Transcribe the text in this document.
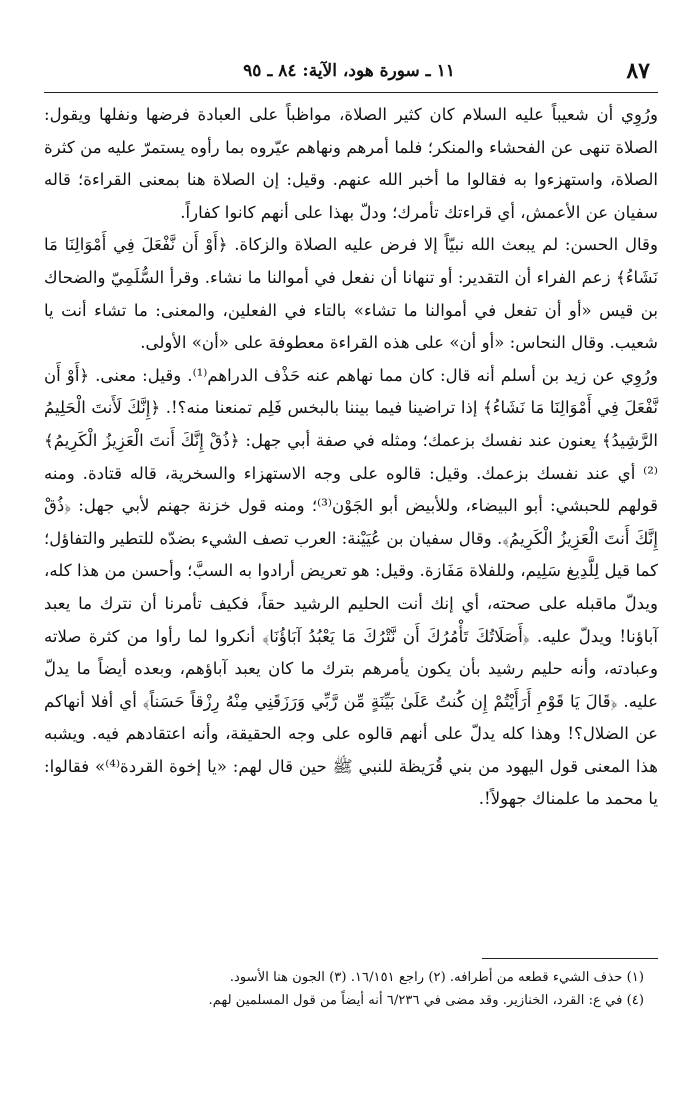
٨٧
١١ ـ سورة هود، الآية: ٨٤ ـ ٩٥

ورُوِي أن شعيباً عليه السلام كان كثير الصلاة، مواظباً على العبادة فرضها ونفلها ويقول: الصلاة تنهى عن الفحشاء والمنكر؛ فلما أمرهم ونهاهم عيّروه بما رأوه يستمرّ عليه من كثرة الصلاة، واستهزءوا به فقالوا ما أخبر الله عنهم. وقيل: إن الصلاة هنا بمعنى القراءة؛ قاله سفيان عن الأعمش، أي قراءتك تأمرك؛ ودلّ بهذا على أنهم كانوا كفاراً.

وقال الحسن: لم يبعث الله نبيّاً إلا فرض عليه الصلاة والزكاة. ﴿أَوْ أَن نَّفْعَلَ فِي أَمْوَالِنَا مَا نَشَاءُ﴾ زعم الفراء أن التقدير: أو تنهانا أن نفعل في أموالنا ما نشاء. وقرأ السُّلَمِيّ والضحاك بن قيس «أو أن تفعل في أموالنا ما تشاء» بالتاء في الفعلين، والمعنى: ما تشاء أنت يا شعيب. وقال النحاس: «أو أن» على هذه القراءة معطوفة على «أن» الأولى.

ورُوِي عن زيد بن أسلم أنه قال: كان مما نهاهم عنه حَذْف الدراهم⁽¹⁾. وقيل: معنى. ﴿أَوْ أَن نَّفْعَلَ فِي أَمْوَالِنَا مَا نَشَاءُ﴾ إذا تراضينا فيما بيننا بالبخس فَلِم تمنعنا منه؟!. ﴿إِنَّكَ لَأَنتَ الْحَلِيمُ الرَّشِيدُ﴾ يعنون عند نفسك بزعمك؛ ومثله في صفة أبي جهل: ﴿ذُقْ إِنَّكَ أَنتَ الْعَزِيزُ الْكَرِيمُ﴾⁽²⁾ أي عند نفسك بزعمك. وقيل: قالوه على وجه الاستهزاء والسخرية، قاله قتادة. ومنه قولهم للحبشي: أبو البيضاء، وللأبيض أبو الجَوْن⁽³⁾؛ ومنه قول خزنة جهنم لأبي جهل: ﴿ذُقْ إِنَّكَ أَنتَ الْعَزِيزُ الْكَرِيمُ﴾. وقال سفيان بن عُيَيْنة: العرب تصف الشيء بضدّه للتطير والتفاؤل؛ كما قيل لِلَّدِيغ سَلِيم، وللفلاة مَفَازة. وقيل: هو تعريض أرادوا به السبَّ؛ وأحسن من هذا كله، ويدلّ ماقبله على صحته، أي إنك أنت الحليم الرشيد حقاً، فكيف تأمرنا أن نترك ما يعبد آباؤنا! ويدلّ عليه. ﴿أَصَلَاتُكَ تَأْمُرُكَ أَن نَّتْرُكَ مَا يَعْبُدُ آبَاؤُنَا﴾ أنكروا لما رأوا من كثرة صلاته وعبادته، وأنه حليم رشيد بأن يكون يأمرهم بترك ما كان يعبد آباؤهم، وبعده أيضاً ما يدلّ عليه. ﴿قَالَ يَا قَوْمِ أَرَأَيْتُمْ إِن كُنتُ عَلَىٰ بَيِّنَةٍ مِّن رَّبِّي وَرَزَقَنِي مِنْهُ رِزْقاً حَسَناً﴾ أي أفلا أنهاكم عن الضلال؟! وهذا كله يدلّ على أنهم قالوه على وجه الحقيقة، وأنه اعتقادهم فيه. ويشبه هذا المعنى قول اليهود من بني قُرَيظة للنبي ﷺ حين قال لهم: «يا إخوة القردة⁽⁴⁾» فقالوا: يا محمد ما علمناك جهولاً!.

(١) حذف الشيء قطعه من أطرافه. (٢) راجع ١٦/١٥١. (٣) الجون هنا الأسود.

(٤) في ع: القرد، الخنازير. وقد مضى في ٦/٢٣٦ أنه أيضاً من قول المسلمين لهم.
